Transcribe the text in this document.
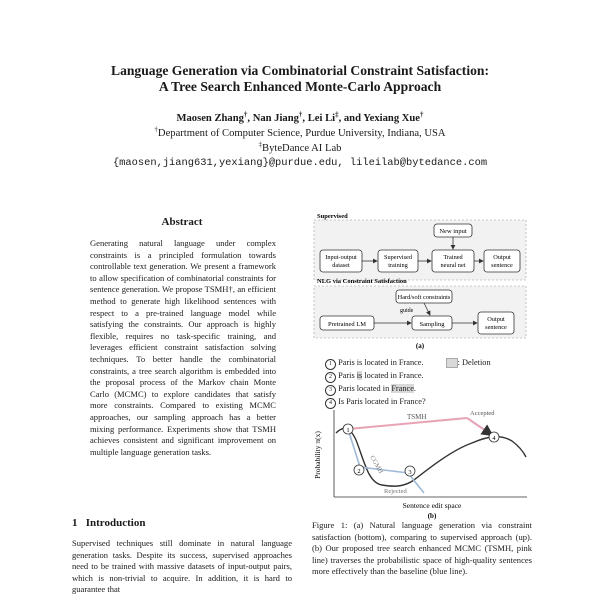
Language Generation via Combinatorial Constraint Satisfaction:
A Tree Search Enhanced Monte-Carlo Approach
Maosen Zhang†, Nan Jiang†, Lei Li‡, and Yexiang Xue†
†Department of Computer Science, Purdue University, Indiana, USA
‡ByteDance AI Lab
{maosen,jiang631,yexiang}@purdue.edu, lileilab@bytedance.com
Abstract
Generating natural language under complex constraints is a principled formulation towards controllable text generation. We present a framework to allow specification of combinatorial constraints for sentence generation. We propose TSMH†, an efficient method to generate high likelihood sentences with respect to a pre-trained language model while satisfying the constraints. Our approach is highly flexible, requires no task-specific training, and leverages efficient constraint satisfaction solving techniques. To better handle the combinatorial constraints, a tree search algorithm is embedded into the proposal process of the Markov chain Monte Carlo (MCMC) to explore candidates that satisfy more constraints. Compared to existing MCMC approaches, our sampling approach has a better mixing performance. Experiments show that TSMH achieves consistent and significant improvement on multiple language generation tasks.
1 Introduction
Supervised techniques still dominate in natural language generation tasks. Despite its success, supervised approaches need to be trained with massive datasets of input-output pairs, which is non-trivial to acquire. In addition, it is hard to guarantee that
Supervised
New input
Input-output
dataset
Supervised
training
Trained
neural net
Output
sentence
NLG via Constraint Satisfaction
Hard/soft constraints
guide
Pretrained LM	Sampling
Output
sentence
(a)
1 Paris is located in France.	: Deletion
2 Paris is located in France.
3 Paris located in France.
4 Is Paris located in France?
Probability π(x)
Sentence edit space
TSMH	Accepted
CGMH
Rejected
1
2	3
4
(b)
Figure 1: (a) Natural language generation via constraint satisfaction (bottom), comparing to supervised approach (up). (b) Our proposed tree search enhanced MCMC (TSMH, pink line) traverses the probabilistic space of high-quality sentences more effectively than the baseline (blue line).
